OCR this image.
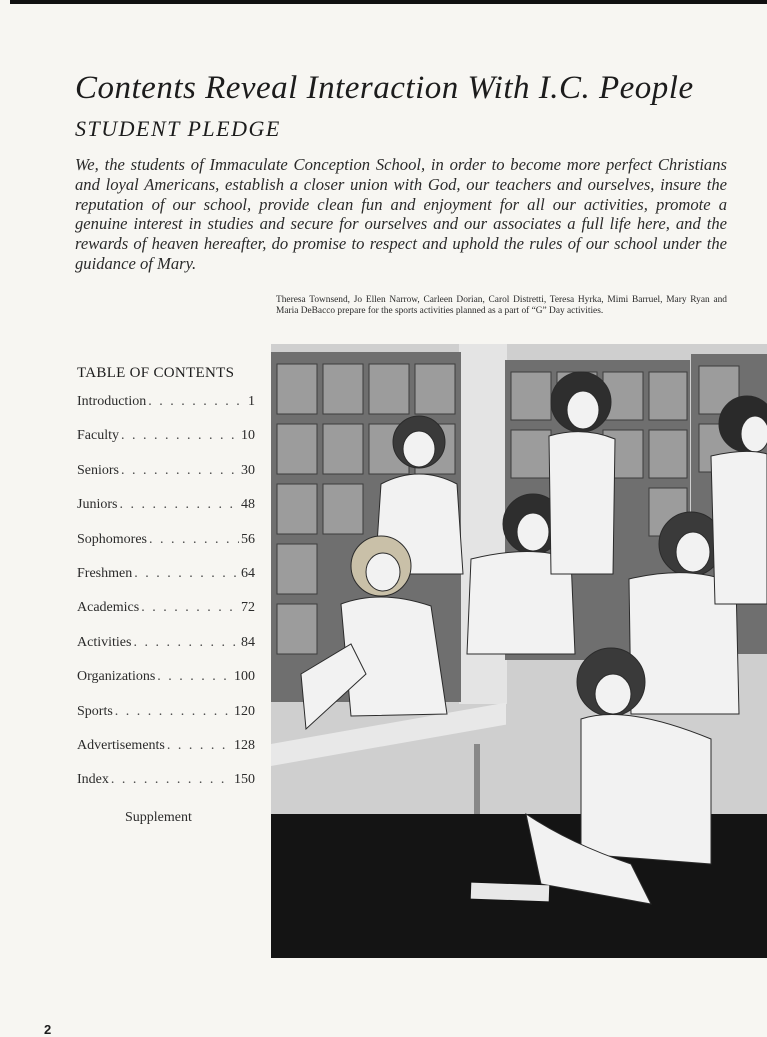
Contents Reveal Interaction With I.C. People
STUDENT PLEDGE

We, the students of Immaculate Conception School, in order to become more perfect Christians and loyal Americans, establish a closer union with God, our teachers and ourselves, insure the reputation of our school, provide clean fun and enjoyment for all our activities, promote a genuine interest in studies and secure for ourselves and our associates a full life here, and the rewards of heaven hereafter, do promise to respect and uphold the rules of our school under the guidance of Mary.

Theresa Townsend, Jo Ellen Narrow, Carleen Dorian, Carol Distretti, Teresa Hyrka, Mimi Barruel, Mary Ryan and Maria DeBacco prepare for the sports activities planned as a part of “G” Day activities.

TABLE OF CONTENTS
Introduction . . .	1
Faculty . . .	10
Seniors . . .	30
Juniors . . .	48
Sophomores . . .	56
Freshmen . . .	64
Academics . . .	72
Activities . . .	84
Organizations . . .	100
Sports . . .	120
Advertisements . . .	128
Index . . .	150
Supplement

2
